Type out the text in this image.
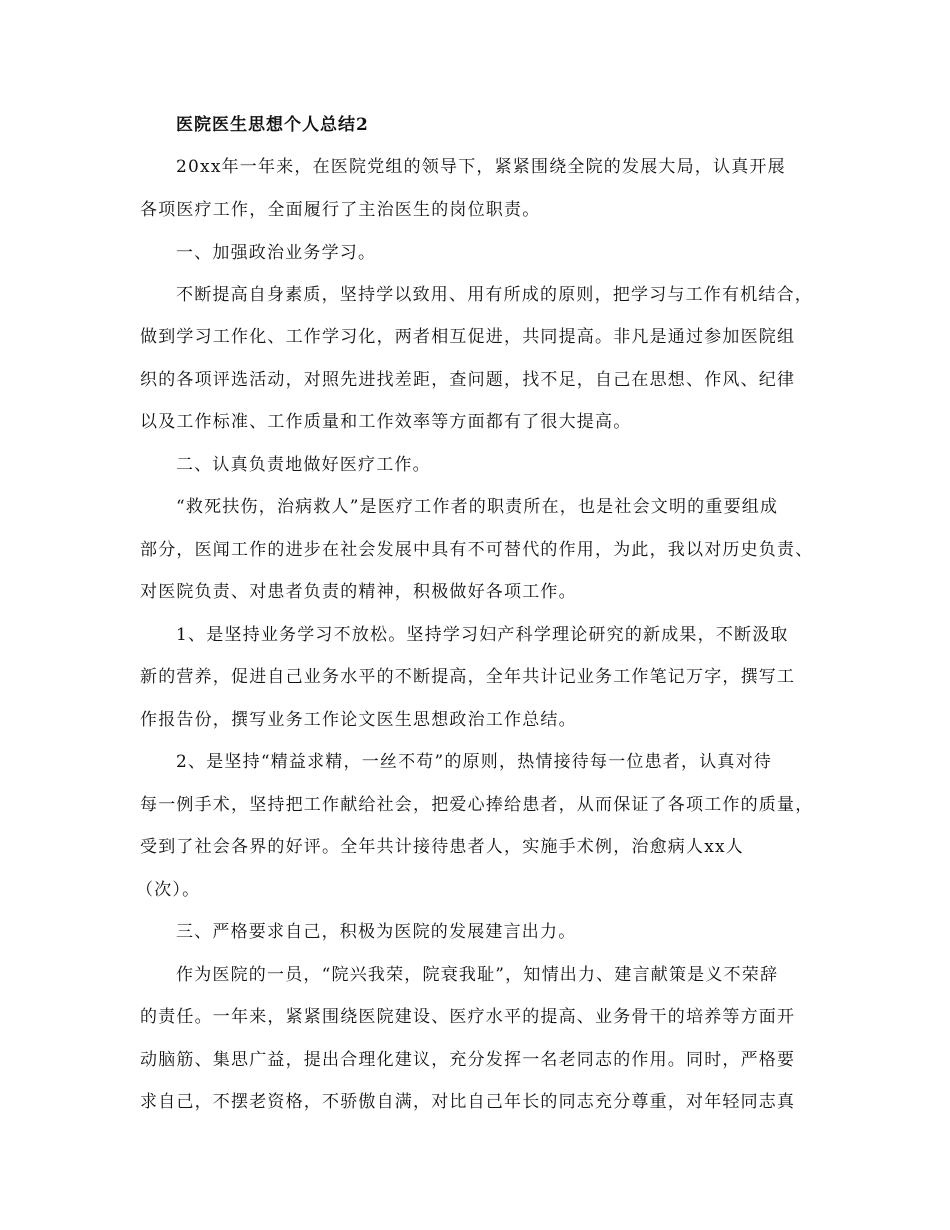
医院医生思想个人总结2
20xx年一年来，在医院党组的领导下，紧紧围绕全院的发展大局，认真开展
各项医疗工作，全面履行了主治医生的岗位职责。
一、加强政治业务学习。
不断提高自身素质，坚持学以致用、用有所成的原则，把学习与工作有机结合，
做到学习工作化、工作学习化，两者相互促进，共同提高。非凡是通过参加医院组
织的各项评选活动，对照先进找差距，查问题，找不足，自己在思想、作风、纪律
以及工作标准、工作质量和工作效率等方面都有了很大提高。
二、认真负责地做好医疗工作。
“救死扶伤，治病救人”是医疗工作者的职责所在，也是社会文明的重要组成
部分，医闻工作的进步在社会发展中具有不可替代的作用，为此，我以对历史负责、
对医院负责、对患者负责的精神，积极做好各项工作。
1、是坚持业务学习不放松。坚持学习妇产科学理论研究的新成果，不断汲取
新的营养，促进自己业务水平的不断提高，全年共计记业务工作笔记万字，撰写工
作报告份，撰写业务工作论文医生思想政治工作总结。
2、是坚持“精益求精，一丝不苟”的原则，热情接待每一位患者，认真对待
每一例手术，坚持把工作献给社会，把爱心捧给患者，从而保证了各项工作的质量，
受到了社会各界的好评。全年共计接待患者人，实施手术例，治愈病人xx人
（次）。
三、严格要求自己，积极为医院的发展建言出力。
作为医院的一员，“院兴我荣，院衰我耻”，知情出力、建言献策是义不荣辞
的责任。一年来，紧紧围绕医院建设、医疗水平的提高、业务骨干的培养等方面开
动脑筋、集思广益，提出合理化建议，充分发挥一名老同志的作用。同时，严格要
求自己，不摆老资格，不骄傲自满，对比自己年长的同志充分尊重，对年轻同志真
